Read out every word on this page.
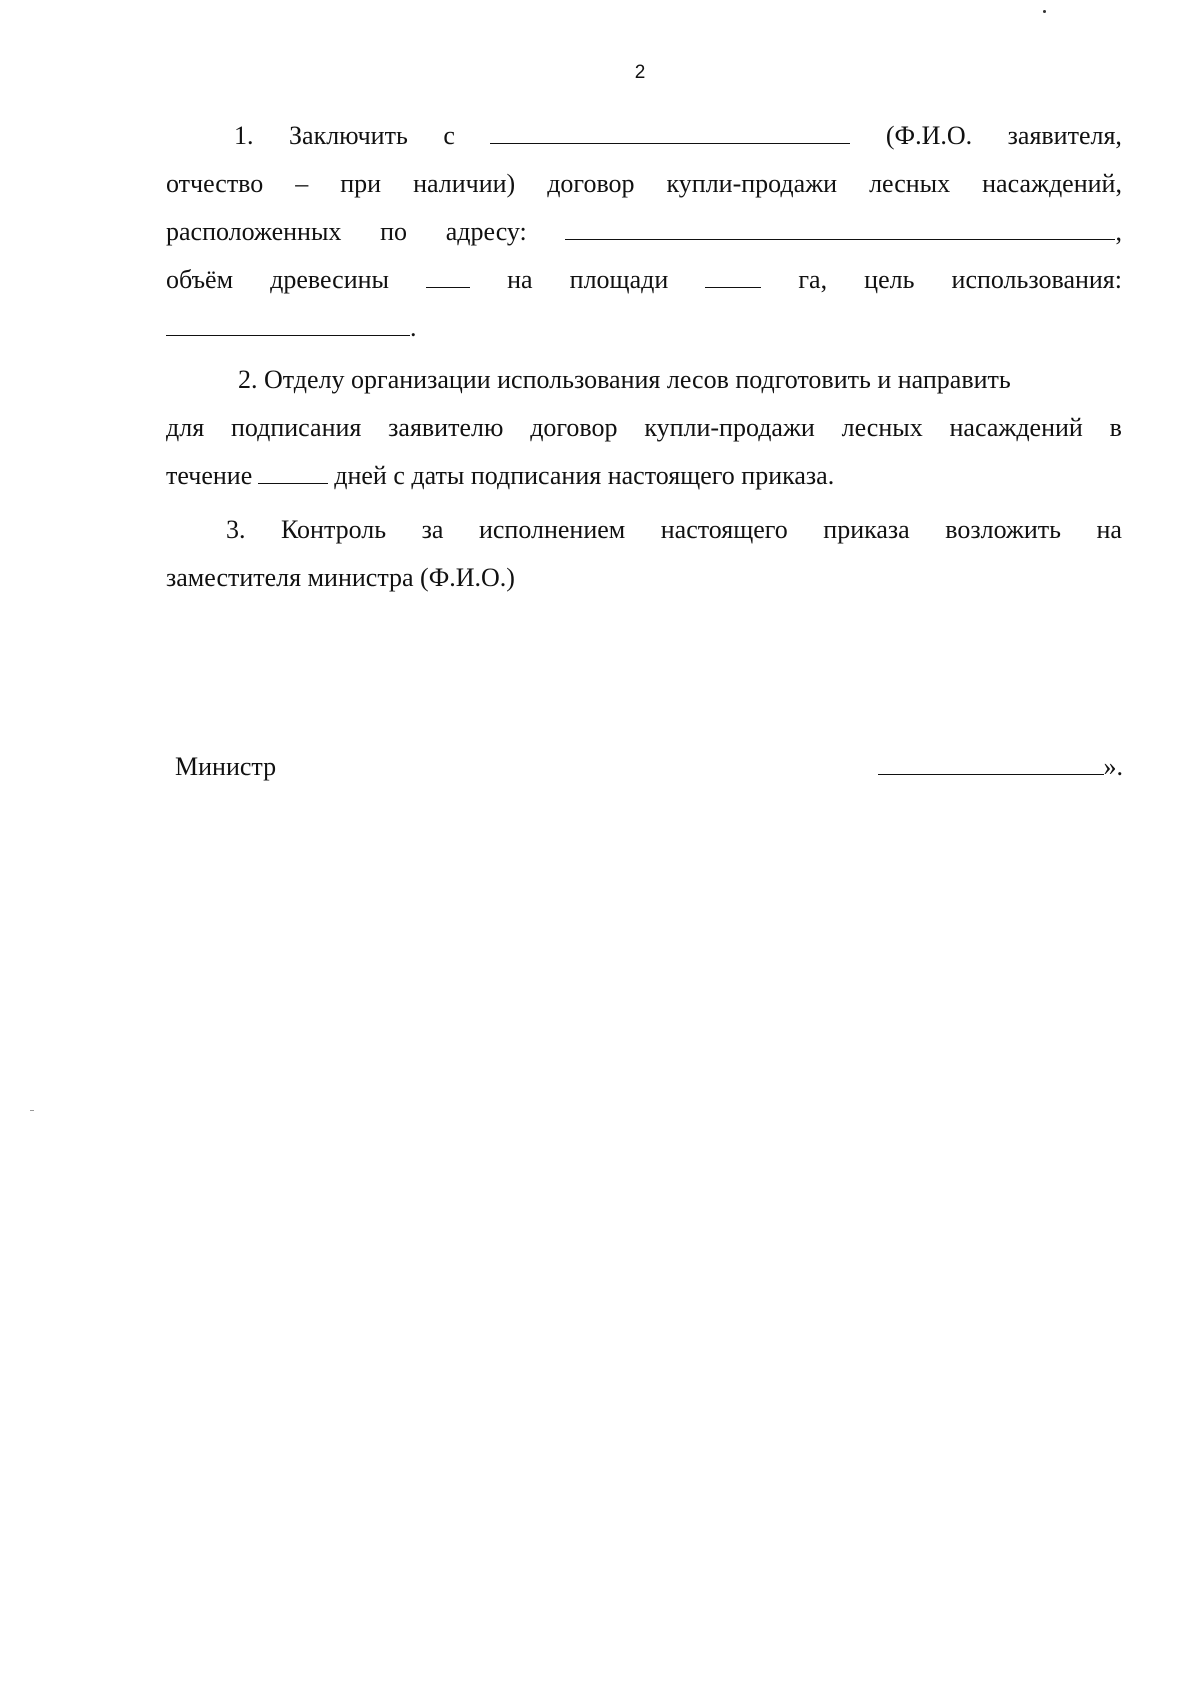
2
1. Заключить с	(Ф.И.О. заявителя,
отчество – при наличии) договор купли-продажи лесных насаждений,
расположенных по адресу:	,
объём древесины	на площади	га, цель использования:
.
2. Отделу организации использования лесов подготовить и направить
для подписания заявителю договор купли-продажи лесных насаждений в
течение	дней с даты подписания настоящего приказа.
3. Контроль за исполнением настоящего приказа возложить на
заместителя министра (Ф.И.О.)
Министр	».
